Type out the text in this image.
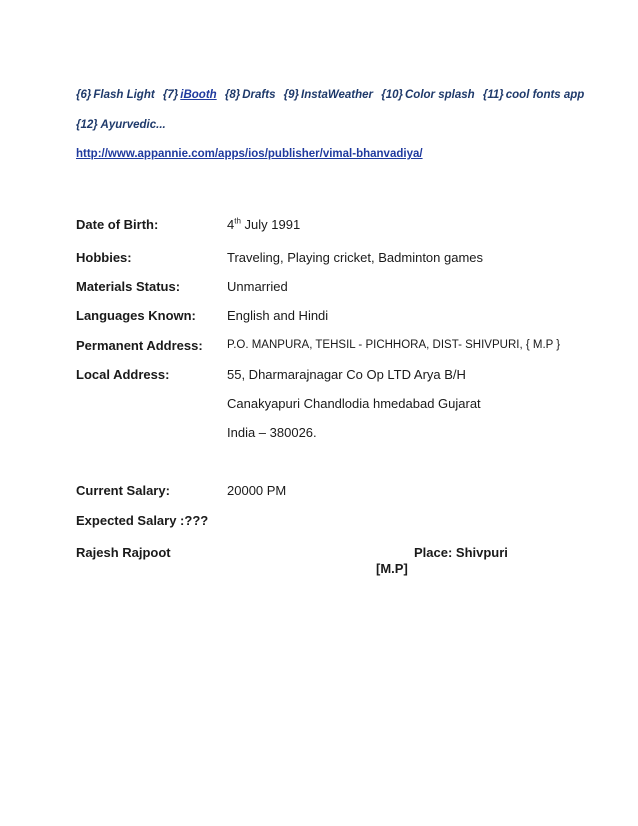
{6} Flash Light {7} iBooth {8} Drafts {9} InstaWeather {10} Color splash {11} cool fonts app
{12} Ayurvedic...
http://www.appannie.com/apps/ios/publisher/vimal-bhanvadiya/
Date of Birth:	4th July 1991
Hobbies:	Traveling, Playing cricket, Badminton games
Materials Status:	Unmarried
Languages Known: English and Hindi
Permanent Address: P.O. MANPURA, TEHSIL - PICHHORA, DIST- SHIVPURI, { M.P }
Local Address:	55, Dharmarajnagar Co Op LTD Arya B/H
Canakyapuri Chandlodia hmedabad Gujarat
India – 380026.
Current Salary:	20000 PM
Expected Salary :???
Rajesh Rajpoot	Place: Shivpuri
[M.P]
